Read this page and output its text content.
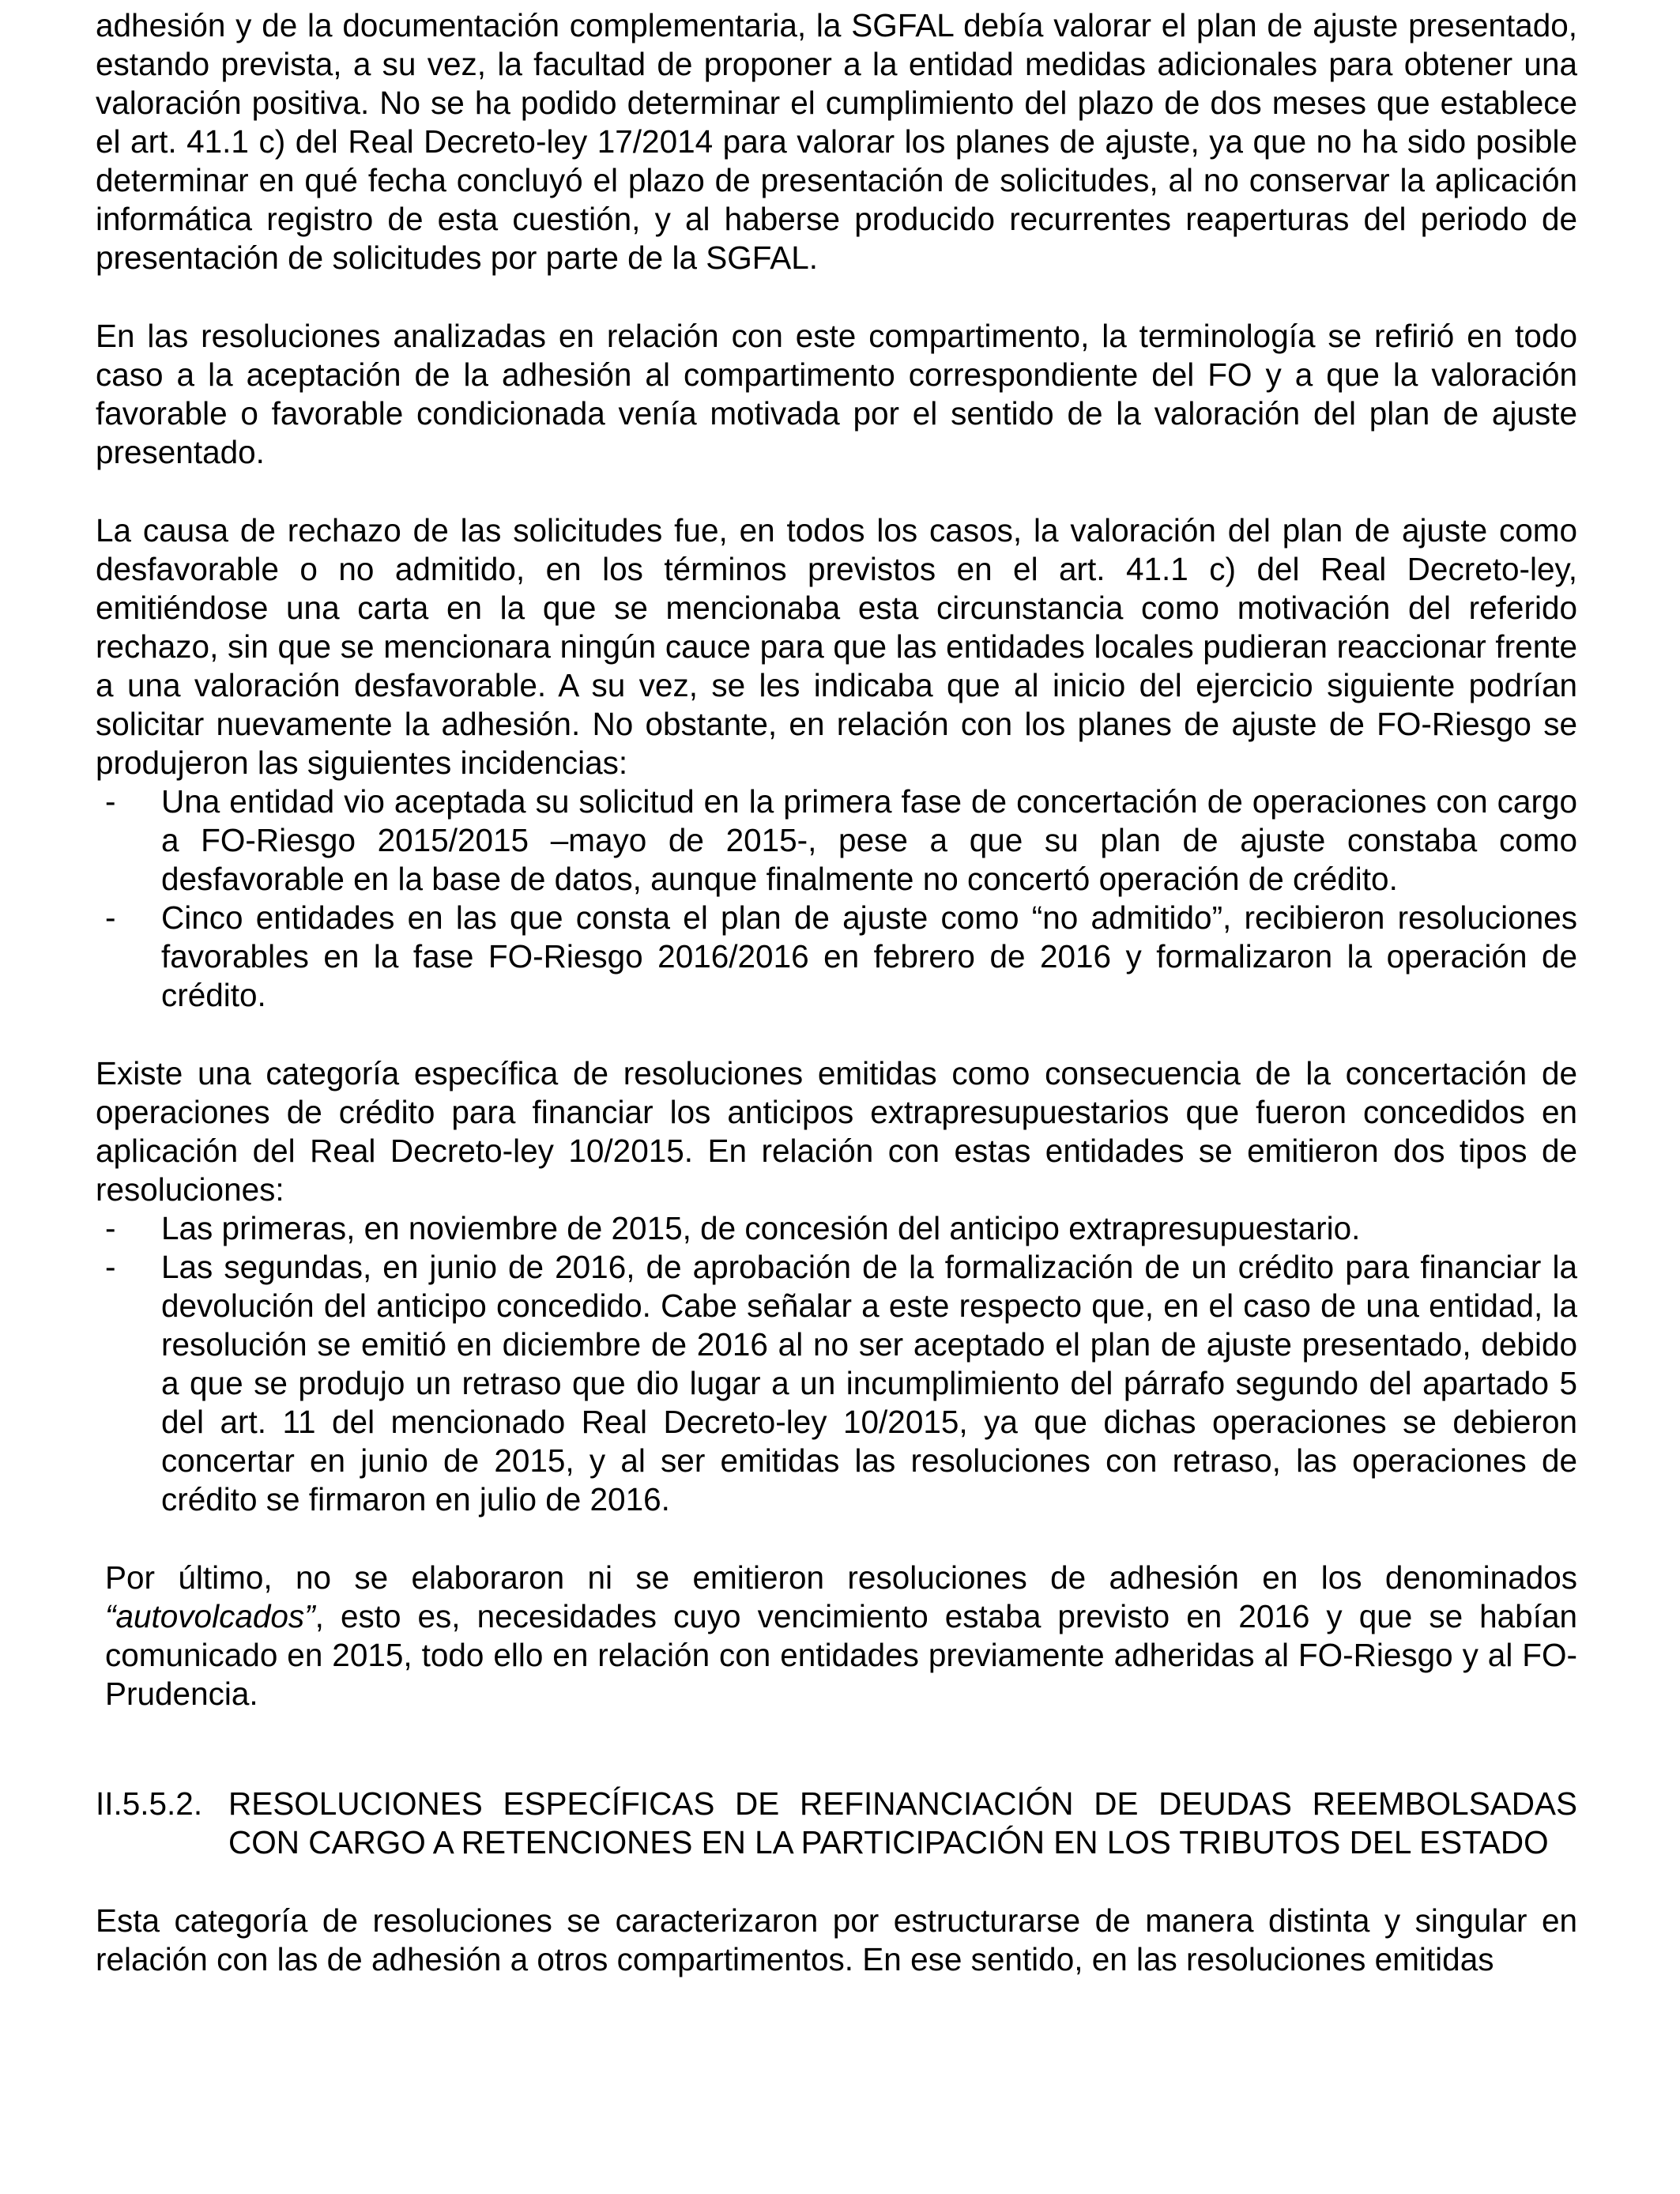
adhesión y de la documentación complementaria, la SGFAL debía valorar el plan de ajuste presentado, estando prevista, a su vez, la facultad de proponer a la entidad medidas adicionales para obtener una valoración positiva. No se ha podido determinar el cumplimiento del plazo de dos meses que establece el art. 41.1 c) del Real Decreto-ley 17/2014 para valorar los planes de ajuste, ya que no ha sido posible determinar en qué fecha concluyó el plazo de presentación de solicitudes, al no conservar la aplicación informática registro de esta cuestión, y al haberse producido recurrentes reaperturas del periodo de presentación de solicitudes por parte de la SGFAL.

En las resoluciones analizadas en relación con este compartimento, la terminología se refirió en todo caso a la aceptación de la adhesión al compartimento correspondiente del FO y a que la valoración favorable o favorable condicionada venía motivada por el sentido de la valoración del plan de ajuste presentado.

La causa de rechazo de las solicitudes fue, en todos los casos, la valoración del plan de ajuste como desfavorable o no admitido, en los términos previstos en el art. 41.1 c) del Real Decreto-ley, emitiéndose una carta en la que se mencionaba esta circunstancia como motivación del referido rechazo, sin que se mencionara ningún cauce para que las entidades locales pudieran reaccionar frente a una valoración desfavorable. A su vez, se les indicaba que al inicio del ejercicio siguiente podrían solicitar nuevamente la adhesión. No obstante, en relación con los planes de ajuste de FO-Riesgo se produjeron las siguientes incidencias:

- Una entidad vio aceptada su solicitud en la primera fase de concertación de operaciones con cargo a FO-Riesgo 2015/2015 –mayo de 2015-, pese a que su plan de ajuste constaba como desfavorable en la base de datos, aunque finalmente no concertó operación de crédito.
- Cinco entidades en las que consta el plan de ajuste como “no admitido”, recibieron resoluciones favorables en la fase FO-Riesgo 2016/2016 en febrero de 2016 y formalizaron la operación de crédito.

Existe una categoría específica de resoluciones emitidas como consecuencia de la concertación de operaciones de crédito para financiar los anticipos extrapresupuestarios que fueron concedidos en aplicación del Real Decreto-ley 10/2015. En relación con estas entidades se emitieron dos tipos de resoluciones:

- Las primeras, en noviembre de 2015, de concesión del anticipo extrapresupuestario.
- Las segundas, en junio de 2016, de aprobación de la formalización de un crédito para financiar la devolución del anticipo concedido. Cabe señalar a este respecto que, en el caso de una entidad, la resolución se emitió en diciembre de 2016 al no ser aceptado el plan de ajuste presentado, debido a que se produjo un retraso que dio lugar a un incumplimiento del párrafo segundo del apartado 5 del art. 11 del mencionado Real Decreto-ley 10/2015, ya que dichas operaciones se debieron concertar en junio de 2015, y al ser emitidas las resoluciones con retraso, las operaciones de crédito se firmaron en julio de 2016.

Por último, no se elaboraron ni se emitieron resoluciones de adhesión en los denominados “autovolcados”, esto es, necesidades cuyo vencimiento estaba previsto en 2016 y que se habían comunicado en 2015, todo ello en relación con entidades previamente adheridas al FO-Riesgo y al FO-Prudencia.

II.5.5.2. RESOLUCIONES ESPECÍFICAS DE REFINANCIACIÓN DE DEUDAS REEMBOLSADAS CON CARGO A RETENCIONES EN LA PARTICIPACIÓN EN LOS TRIBUTOS DEL ESTADO

Esta categoría de resoluciones se caracterizaron por estructurarse de manera distinta y singular en relación con las de adhesión a otros compartimentos. En ese sentido, en las resoluciones emitidas
